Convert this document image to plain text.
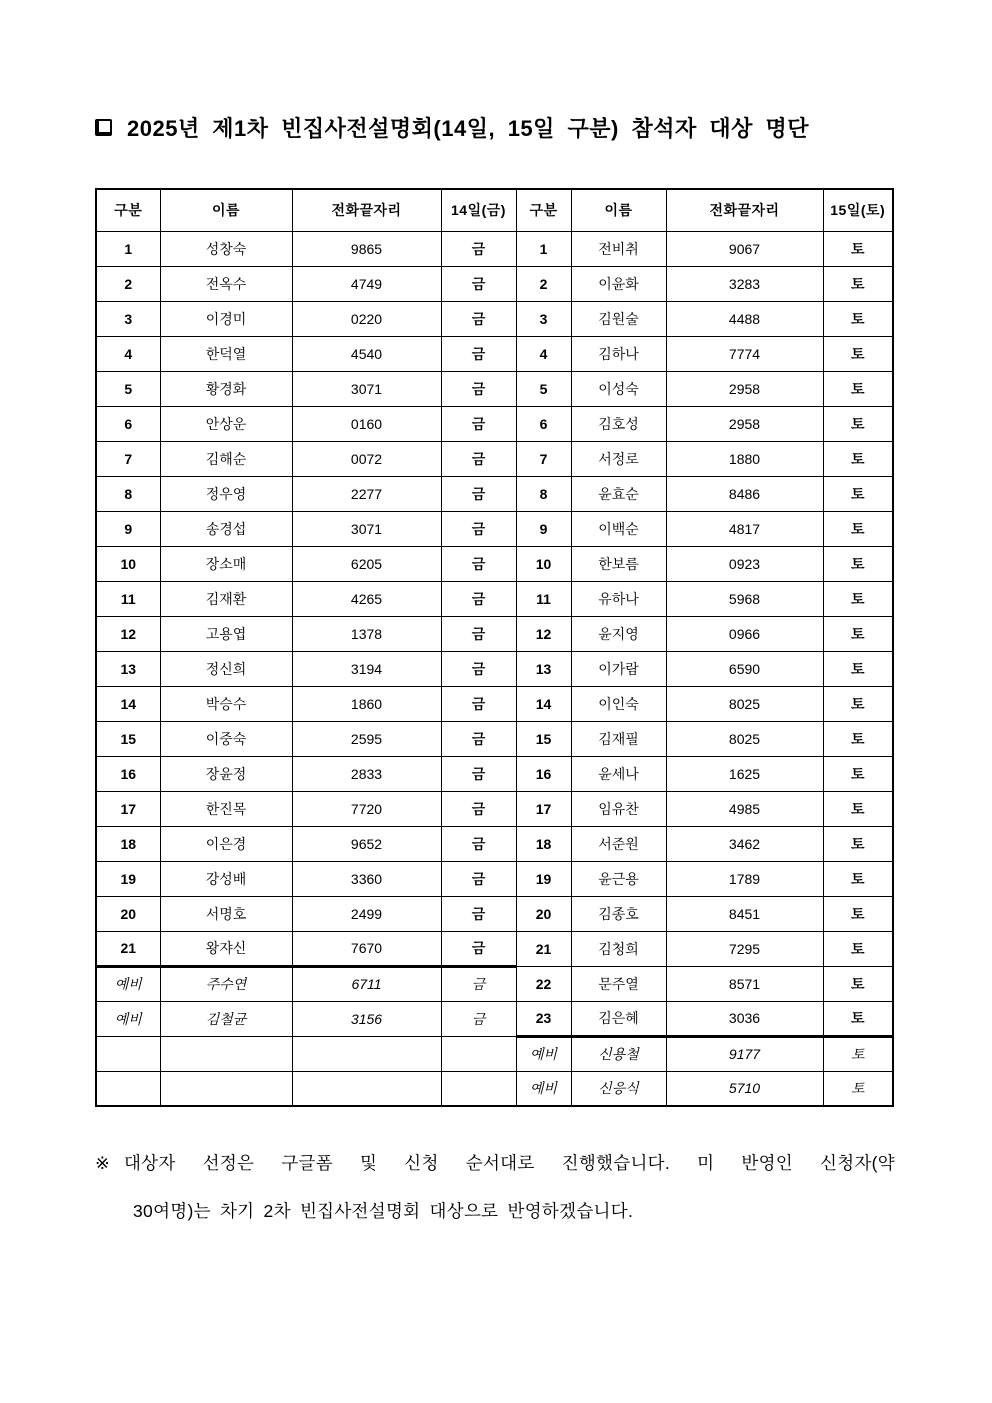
2025년 제1차 빈집사전설명회(14일, 15일 구분) 참석자 대상 명단
구분	이름	전화끝자리	14일(금)	구분	이름	전화끝자리	15일(토)
1	성창숙	9865	금	1	전비취	9067	토
2	전옥수	4749	금	2	이윤화	3283	토
3	이경미	0220	금	3	김원술	4488	토
4	한덕열	4540	금	4	김하나	7774	토
5	황경화	3071	금	5	이성숙	2958	토
6	안상운	0160	금	6	김호성	2958	토
7	김해순	0072	금	7	서정로	1880	토
8	정우영	2277	금	8	윤효순	8486	토
9	송경섭	3071	금	9	이백순	4817	토
10	장소매	6205	금	10	한보름	0923	토
11	김재환	4265	금	11	유하나	5968	토
12	고용엽	1378	금	12	윤지영	0966	토
13	정신희	3194	금	13	이가람	6590	토
14	박승수	1860	금	14	이인숙	8025	토
15	이중숙	2595	금	15	김재필	8025	토
16	장윤정	2833	금	16	윤세나	1625	토
17	한진목	7720	금	17	임유찬	4985	토
18	이은경	9652	금	18	서준원	3462	토
19	강성배	3360	금	19	윤근용	1789	토
20	서명호	2499	금	20	김종호	8451	토
21	왕쟈신	7670	금	21	김청희	7295	토
예비	주수연	6711	금	22	문주열	8571	토
예비	김철균	3156	금	23	김은혜	3036	토
				예비	신용철	9177	토
				예비	신응식	5710	토
※ 대상자 선정은 구글폼 및 신청 순서대로 진행했습니다. 미 반영인 신청자(약
30여명)는 차기 2차 빈집사전설명회 대상으로 반영하겠습니다.
